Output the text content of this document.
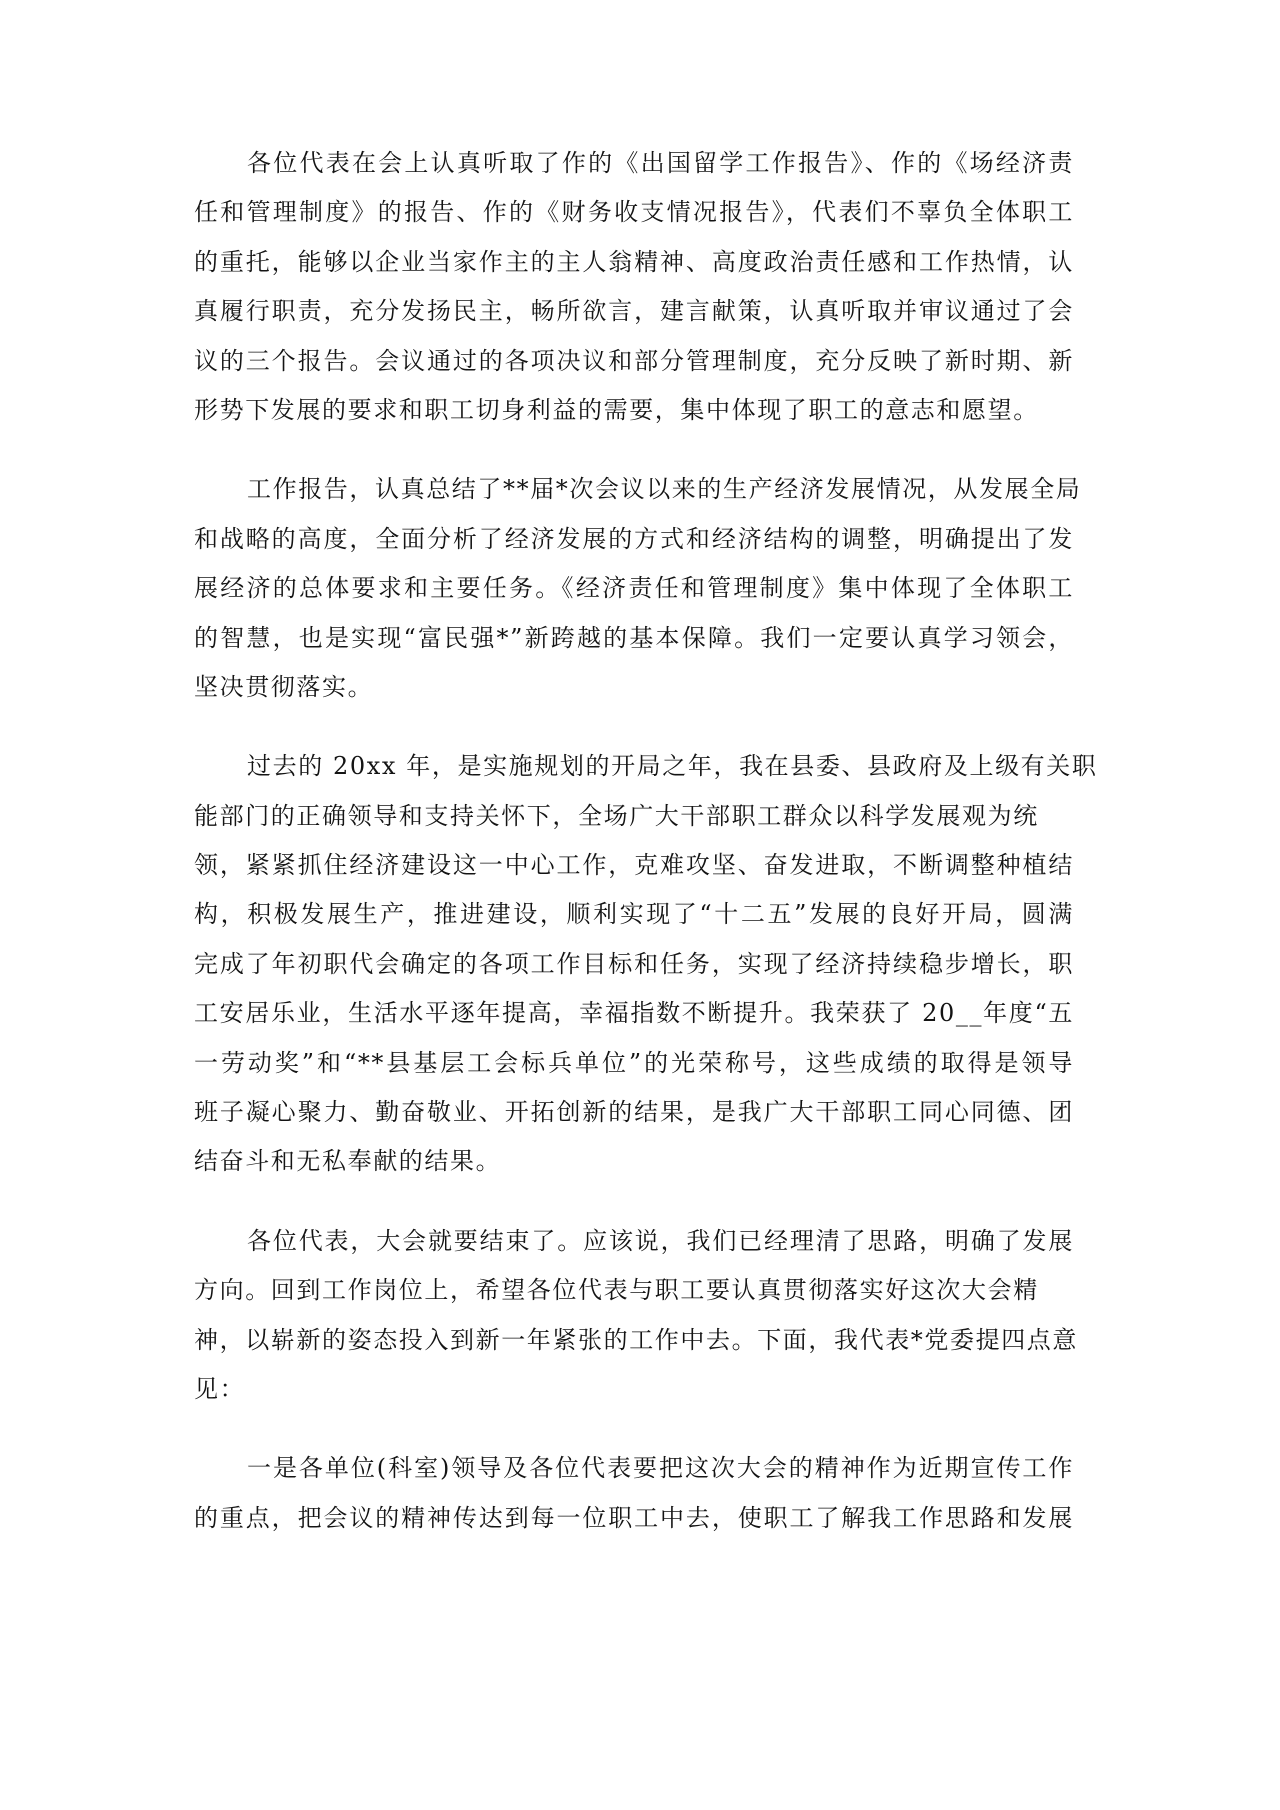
各位代表在会上认真听取了作的《出国留学工作报告》、作的《场经济责
任和管理制度》的报告、作的《财务收支情况报告》，代表们不辜负全体职工
的重托，能够以企业当家作主的主人翁精神、高度政治责任感和工作热情，认
真履行职责，充分发扬民主，畅所欲言，建言献策，认真听取并审议通过了会
议的三个报告。会议通过的各项决议和部分管理制度，充分反映了新时期、新
形势下发展的要求和职工切身利益的需要，集中体现了职工的意志和愿望。
工作报告，认真总结了**届*次会议以来的生产经济发展情况，从发展全局
和战略的高度，全面分析了经济发展的方式和经济结构的调整，明确提出了发
展经济的总体要求和主要任务。《经济责任和管理制度》集中体现了全体职工
的智慧，也是实现“富民强*”新跨越的基本保障。我们一定要认真学习领会，
坚决贯彻落实。
过去的 20xx 年，是实施规划的开局之年，我在县委、县政府及上级有关职
能部门的正确领导和支持关怀下，全场广大干部职工群众以科学发展观为统
领，紧紧抓住经济建设这一中心工作，克难攻坚、奋发进取，不断调整种植结
构，积极发展生产，推进建设，顺利实现了“十二五”发展的良好开局，圆满
完成了年初职代会确定的各项工作目标和任务，实现了经济持续稳步增长，职
工安居乐业，生活水平逐年提高，幸福指数不断提升。我荣获了 20__年度“五
一劳动奖”和“**县基层工会标兵单位”的光荣称号，这些成绩的取得是领导
班子凝心聚力、勤奋敬业、开拓创新的结果，是我广大干部职工同心同德、团
结奋斗和无私奉献的结果。
各位代表，大会就要结束了。应该说，我们已经理清了思路，明确了发展
方向。回到工作岗位上，希望各位代表与职工要认真贯彻落实好这次大会精
神，以崭新的姿态投入到新一年紧张的工作中去。下面，我代表*党委提四点意
见：
一是各单位(科室)领导及各位代表要把这次大会的精神作为近期宣传工作
的重点，把会议的精神传达到每一位职工中去，使职工了解我工作思路和发展
